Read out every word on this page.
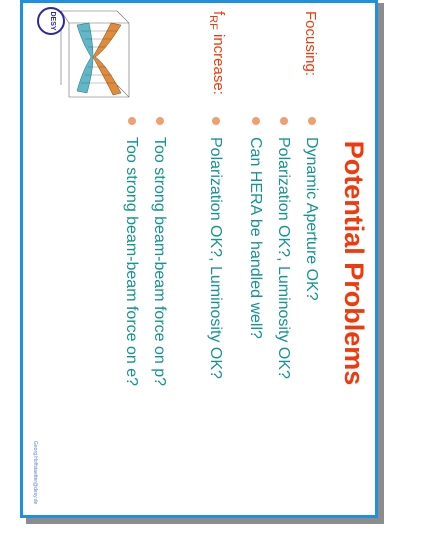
Potential Problems
Focusing:
Dynamic Aperture OK?
Polarization OK?, Luminosity OK?
Can HERA be handled well?
$f_{RF}$ increase:
Polarization OK?, Luminosity OK?
Too strong beam-beam force on p?
Too strong beam-beam force on e?
DESY
Georg.Hoffstaetter@desy.de
